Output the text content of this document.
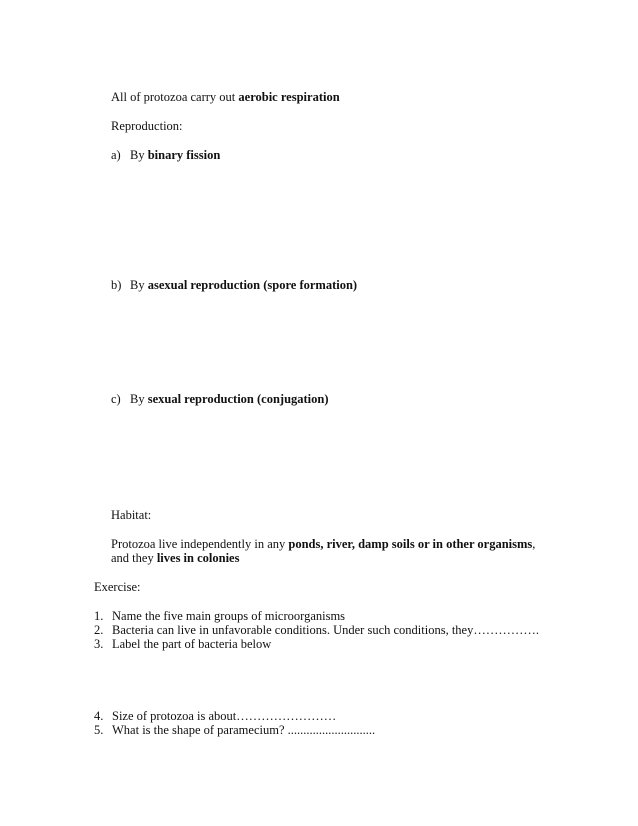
All of protozoa carry out aerobic respiration
Reproduction:
a) By binary fission
b) By asexual reproduction (spore formation)
c) By sexual reproduction (conjugation)
Habitat:
Protozoa live independently in any ponds, river, damp soils or in other organisms,
and they lives in colonies
Exercise:
1. Name the five main groups of microorganisms
2. Bacteria can live in unfavorable conditions. Under such conditions, they…………….
3. Label the part of bacteria below
4. Size of protozoa is about……………………
5. What is the shape of paramecium? ............................
